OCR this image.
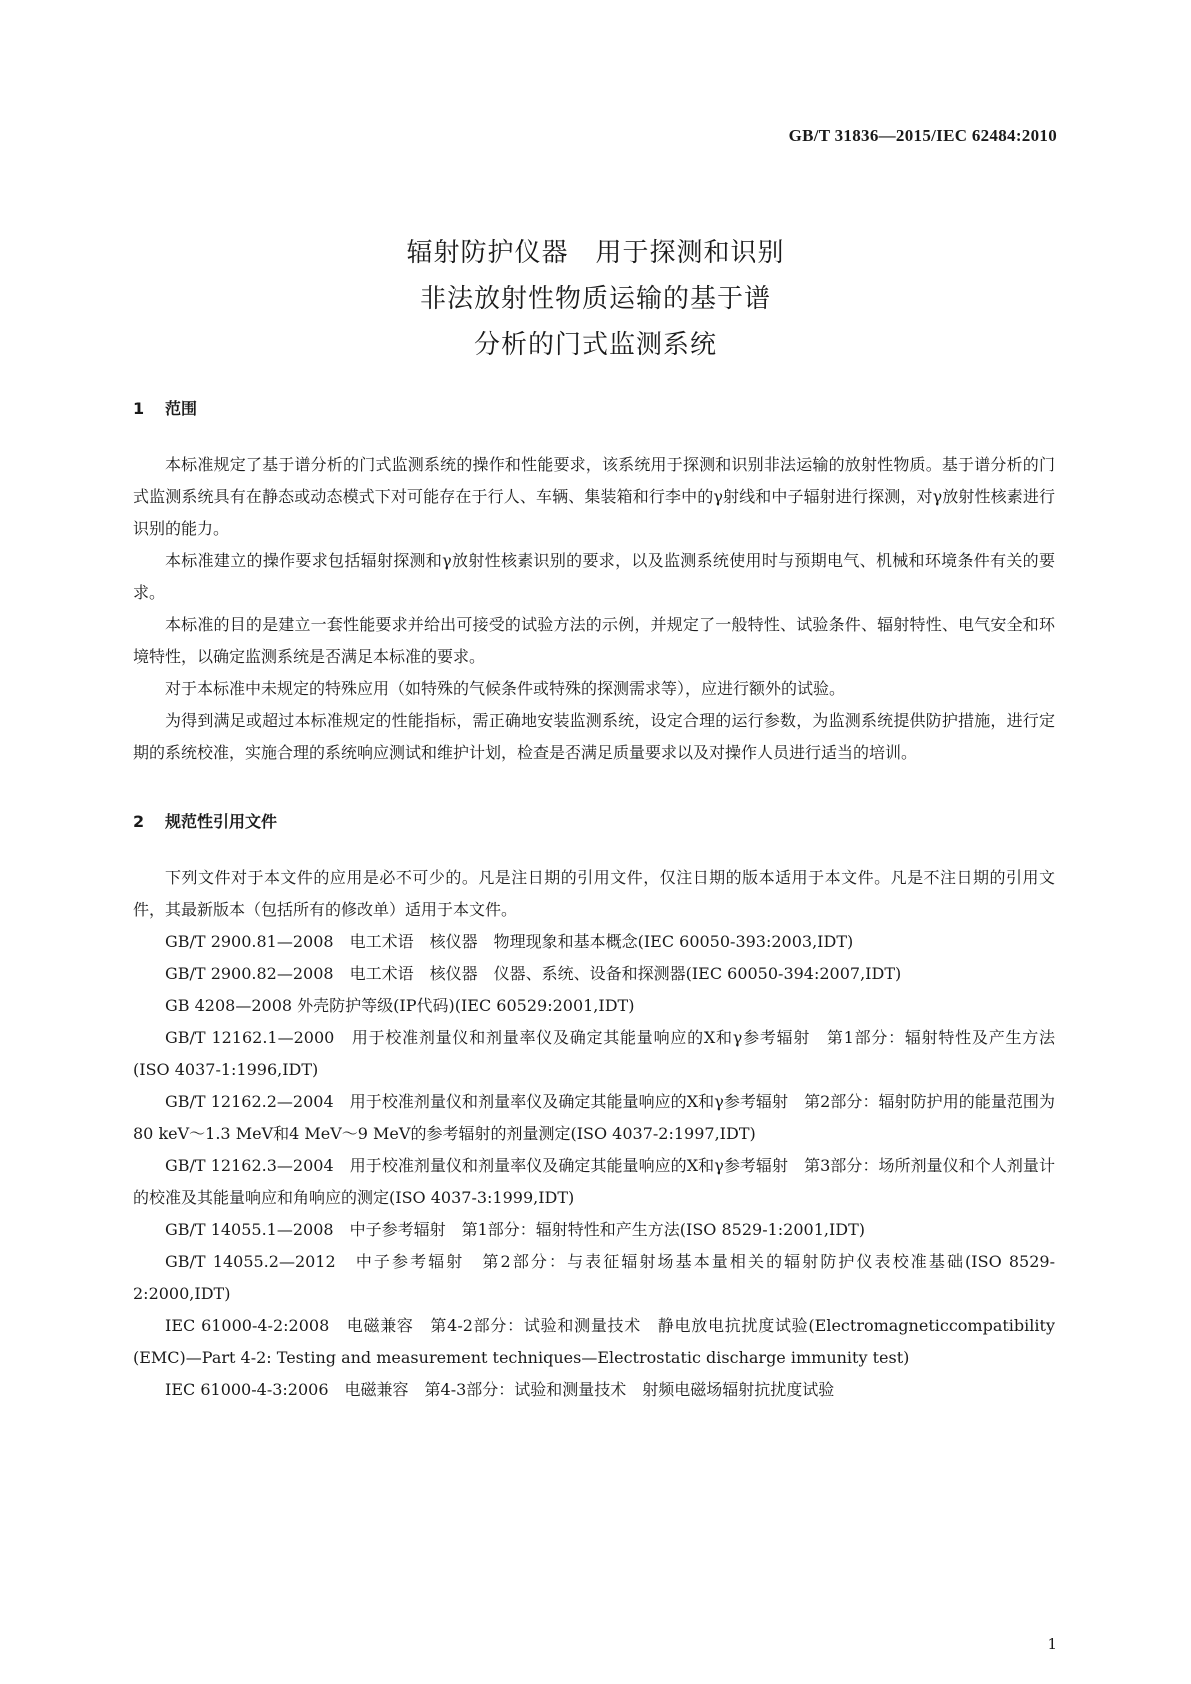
GB/T 31836—2015/IEC 62484:2010
辐射防护仪器　用于探测和识别
非法放射性物质运输的基于谱
分析的门式监测系统
1 范围

本标准规定了基于谱分析的门式监测系统的操作和性能要求，该系统用于探测和识别非法运输的放射性物质。基于谱分析的门式监测系统具有在静态或动态模式下对可能存在于行人、车辆、集装箱和行李中的γ射线和中子辐射进行探测，对γ放射性核素进行识别的能力。

本标准建立的操作要求包括辐射探测和γ放射性核素识别的要求，以及监测系统使用时与预期电气、机械和环境条件有关的要求。

本标准的目的是建立一套性能要求并给出可接受的试验方法的示例，并规定了一般特性、试验条件、辐射特性、电气安全和环境特性，以确定监测系统是否满足本标准的要求。

对于本标准中未规定的特殊应用（如特殊的气候条件或特殊的探测需求等），应进行额外的试验。

为得到满足或超过本标准规定的性能指标，需正确地安装监测系统，设定合理的运行参数，为监测系统提供防护措施，进行定期的系统校准，实施合理的系统响应测试和维护计划，检查是否满足质量要求以及对操作人员进行适当的培训。

2 规范性引用文件

下列文件对于本文件的应用是必不可少的。凡是注日期的引用文件，仅注日期的版本适用于本文件。凡是不注日期的引用文件，其最新版本（包括所有的修改单）适用于本文件。

GB/T 2900.81—2008　电工术语　核仪器　物理现象和基本概念(IEC 60050-393:2003,IDT)

GB/T 2900.82—2008　电工术语　核仪器　仪器、系统、设备和探测器(IEC 60050-394:2007,IDT)

GB 4208—2008 外壳防护等级(IP代码)(IEC 60529:2001,IDT)

GB/T 12162.1—2000　用于校准剂量仪和剂量率仪及确定其能量响应的X和γ参考辐射　第1部分：辐射特性及产生方法(ISO 4037-1:1996,IDT)

GB/T 12162.2—2004　用于校准剂量仪和剂量率仪及确定其能量响应的X和γ参考辐射　第2部分：辐射防护用的能量范围为80 keV～1.3 MeV和4 MeV～9 MeV的参考辐射的剂量测定(ISO 4037-2:1997,IDT)

GB/T 12162.3—2004　用于校准剂量仪和剂量率仪及确定其能量响应的X和γ参考辐射　第3部分：场所剂量仪和个人剂量计的校准及其能量响应和角响应的测定(ISO 4037-3:1999,IDT)

GB/T 14055.1—2008　中子参考辐射　第1部分：辐射特性和产生方法(ISO 8529-1:2001,IDT)

GB/T 14055.2—2012　中子参考辐射　第2部分：与表征辐射场基本量相关的辐射防护仪表校准基础(ISO 8529-2:2000,IDT)

IEC 61000-4-2:2008　电磁兼容　第4-2部分：试验和测量技术　静电放电抗扰度试验(Electromagneticcompatibility (EMC)—Part 4-2: Testing and measurement techniques—Electrostatic discharge immunity test)

IEC 61000-4-3:2006　电磁兼容　第4-3部分：试验和测量技术　射频电磁场辐射抗扰度试验

1
